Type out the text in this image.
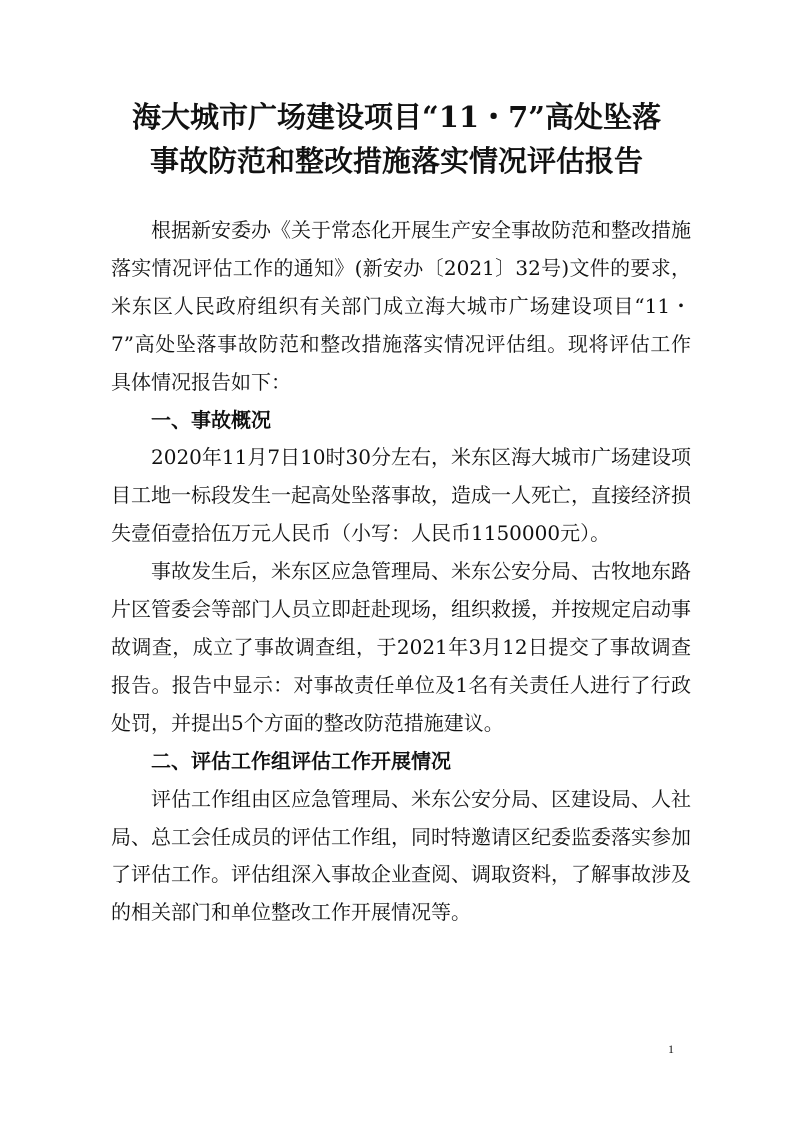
海大城市广场建设项目“11・7”高处坠落
事故防范和整改措施落实情况评估报告

根据新安委办《关于常态化开展生产安全事故防范和整改措施落实情况评估工作的通知》(新安办〔2021〕32号)文件的要求，米东区人民政府组织有关部门成立海大城市广场建设项目“11・7”高处坠落事故防范和整改措施落实情况评估组。现将评估工作具体情况报告如下：

一、事故概况

2020年11月7日10时30分左右，米东区海大城市广场建设项目工地一标段发生一起高处坠落事故，造成一人死亡，直接经济损失壹佰壹拾伍万元人民币（小写：人民币1150000元）。

事故发生后，米东区应急管理局、米东公安分局、古牧地东路片区管委会等部门人员立即赶赴现场，组织救援，并按规定启动事故调查，成立了事故调查组，于2021年3月12日提交了事故调查报告。报告中显示：对事故责任单位及1名有关责任人进行了行政处罚，并提出5个方面的整改防范措施建议。

二、评估工作组评估工作开展情况

评估工作组由区应急管理局、米东公安分局、区建设局、人社局、总工会任成员的评估工作组，同时特邀请区纪委监委落实参加了评估工作。评估组深入事故企业查阅、调取资料，了解事故涉及的相关部门和单位整改工作开展情况等。

1
